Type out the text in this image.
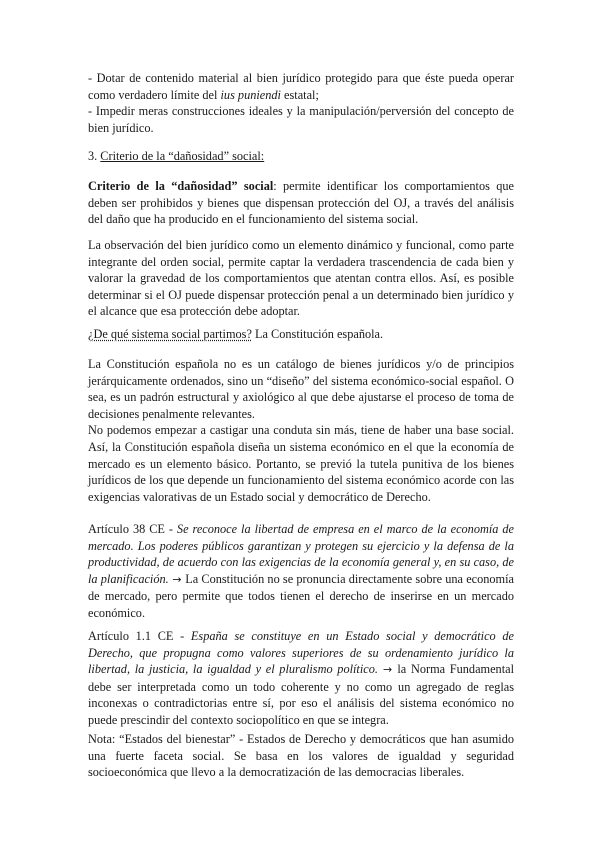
- Dotar de contenido material al bien jurídico protegido para que éste pueda operar como verdadero límite del ius puniendi estatal;

- Impedir meras construcciones ideales y la manipulación/perversión del concepto de bien jurídico.

3. Criterio de la “dañosidad” social:

Criterio de la “dañosidad” social: permite identificar los comportamientos que deben ser prohibidos y bienes que dispensan protección del OJ, a través del análisis del daño que ha producido en el funcionamiento del sistema social.

La observación del bien jurídico como un elemento dinámico y funcional, como parte integrante del orden social, permite captar la verdadera trascendencia de cada bien y valorar la gravedad de los comportamientos que atentan contra ellos. Así, es posible determinar si el OJ puede dispensar protección penal a un determinado bien jurídico y el alcance que esa protección debe adoptar.

¿De qué sistema social partimos? La Constitución española.

La Constitución española no es un catálogo de bienes jurídicos y/o de principios jerárquicamente ordenados, sino un “diseño” del sistema económico-social español. O sea, es un padrón estructural y axiológico al que debe ajustarse el proceso de toma de decisiones penalmente relevantes.

No podemos empezar a castigar una conduta sin más, tiene de haber una base social. Así, la Constitución española diseña un sistema económico en el que la economía de mercado es un elemento básico. Portanto, se previó la tutela punitiva de los bienes jurídicos de los que depende un funcionamiento del sistema económico acorde con las exigencias valorativas de un Estado social y democrático de Derecho.

Artículo 38 CE - Se reconoce la libertad de empresa en el marco de la economía de mercado. Los poderes públicos garantizan y protegen su ejercicio y la defensa de la productividad, de acuerdo con las exigencias de la economía general y, en su caso, de la planificación. → La Constitución no se pronuncia directamente sobre una economía de mercado, pero permite que todos tienen el derecho de inserirse en un mercado económico.

Artículo 1.1 CE - España se constituye en un Estado social y democrático de Derecho, que propugna como valores superiores de su ordenamiento jurídico la libertad, la justicia, la igualdad y el pluralismo político. → la Norma Fundamental debe ser interpretada como un todo coherente y no como un agregado de reglas inconexas o contradictorias entre sí, por eso el análisis del sistema económico no puede prescindir del contexto sociopolítico en que se integra.

Nota: “Estados del bienestar” - Estados de Derecho y democráticos que han asumido una fuerte faceta social. Se basa en los valores de igualdad y seguridad socioeconómica que llevo a la democratización de las democracias liberales.
